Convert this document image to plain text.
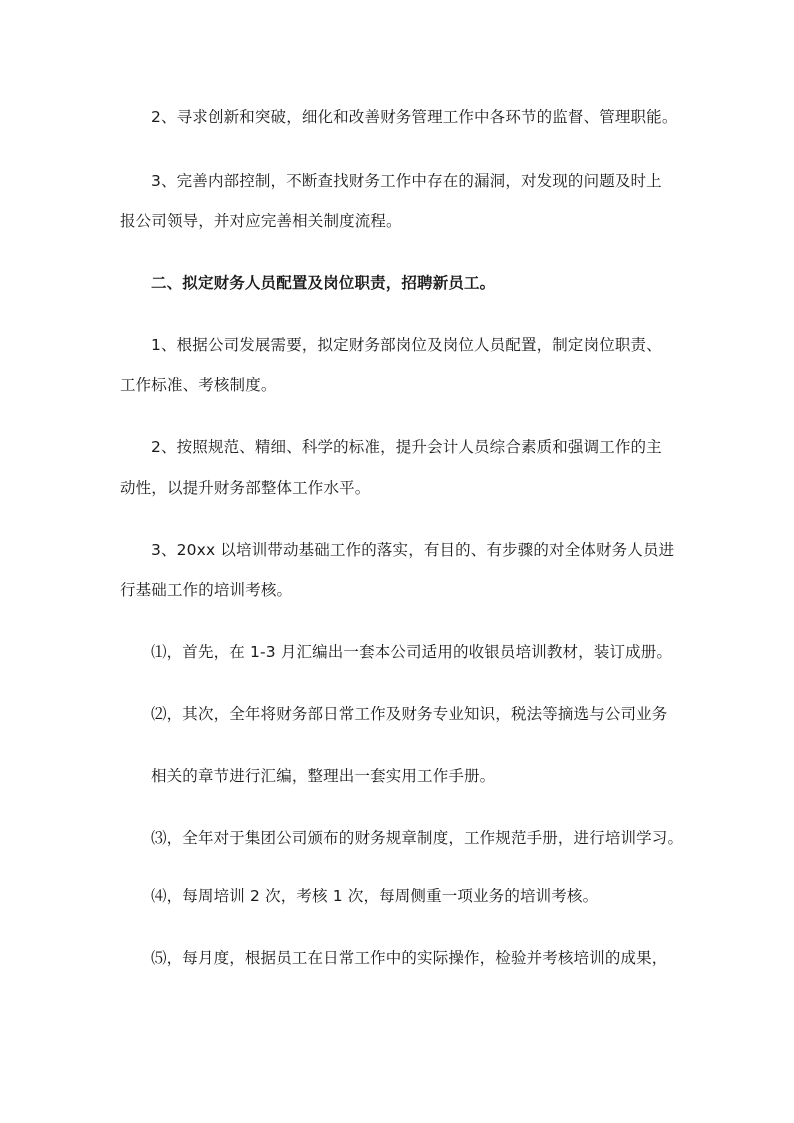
2、寻求创新和突破，细化和改善财务管理工作中各环节的监督、管理职能。
3、完善内部控制，不断查找财务工作中存在的漏洞，对发现的问题及时上
报公司领导，并对应完善相关制度流程。
二、拟定财务人员配置及岗位职责，招聘新员工。
1、根据公司发展需要，拟定财务部岗位及岗位人员配置，制定岗位职责、
工作标准、考核制度。
2、按照规范、精细、科学的标准，提升会计人员综合素质和强调工作的主
动性，以提升财务部整体工作水平。
3、20xx 以培训带动基础工作的落实，有目的、有步骤的对全体财务人员进
行基础工作的培训考核。
⑴，首先，在 1-3 月汇编出一套本公司适用的收银员培训教材，装订成册。
⑵，其次，全年将财务部日常工作及财务专业知识，税法等摘选与公司业务
相关的章节进行汇编，整理出一套实用工作手册。
⑶，全年对于集团公司颁布的财务规章制度，工作规范手册，进行培训学习。
⑷，每周培训 2 次，考核 1 次，每周侧重一项业务的培训考核。
⑸，每月度，根据员工在日常工作中的实际操作，检验并考核培训的成果，
